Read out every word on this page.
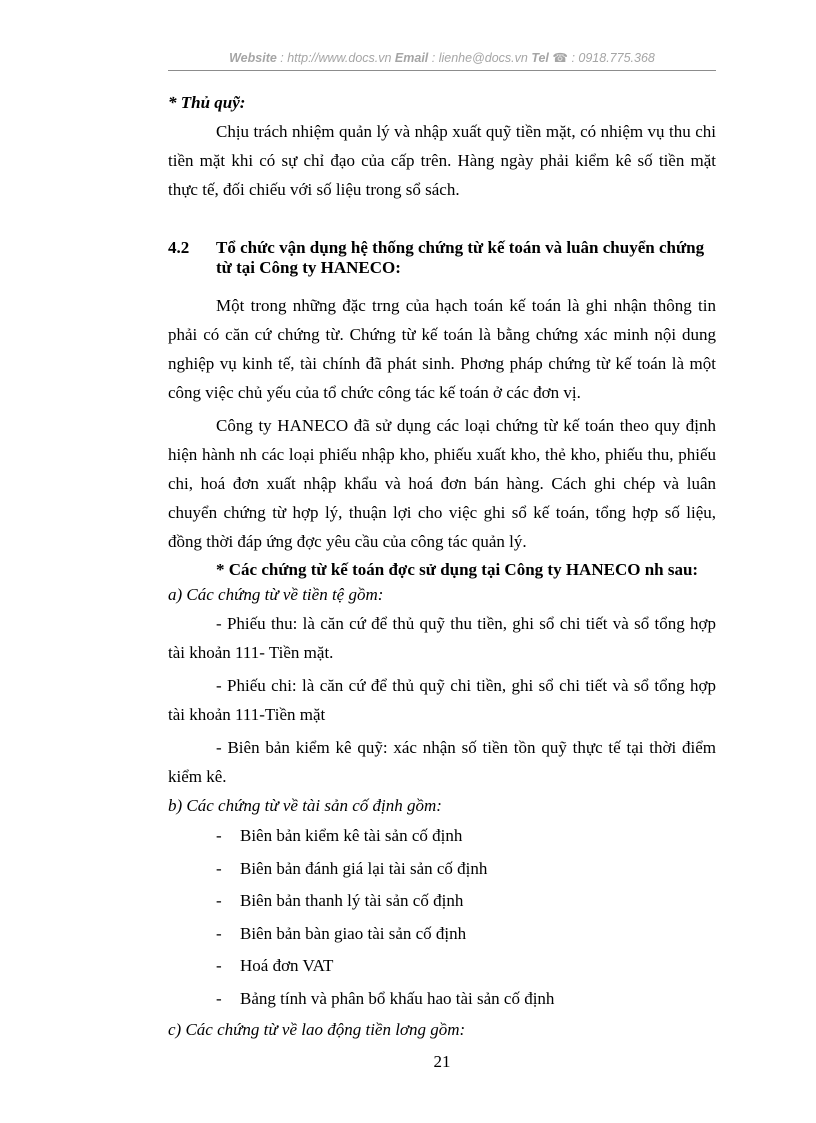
Website : http://www.docs.vn Email : lienhe@docs.vn Tel ☎ : 0918.775.368

* Thủ quỹ:

Chịu trách nhiệm quản lý và nhập xuất quỹ tiền mặt, có nhiệm vụ thu chi tiền mặt khi có sự chỉ đạo của cấp trên. Hàng ngày phải kiểm kê số tiền mặt thực tế, đối chiếu với số liệu trong sổ sách.

4.2	Tổ chức vận dụng hệ thống chứng từ kế toán và luân chuyển chứng từ tại Công ty HANECO:

Một trong những đặc trng của hạch toán kế toán là ghi nhận thông tin phải có căn cứ chứng từ. Chứng từ kế toán là bằng chứng xác minh nội dung nghiệp vụ kinh tế, tài chính đã phát sinh. Phơng pháp chứng từ kế toán là một công việc chủ yếu của tổ chức công tác kế toán ở các đơn vị.

Công ty HANECO đã sử dụng các loại chứng từ kế toán theo quy định hiện hành nh các loại phiếu nhập kho, phiếu xuất kho, thẻ kho, phiếu thu, phiếu chi, hoá đơn xuất nhập khẩu và hoá đơn bán hàng. Cách ghi chép và luân chuyển chứng từ hợp lý, thuận lợi cho việc ghi sổ kế toán, tổng hợp số liệu, đồng thời đáp ứng đợc yêu cầu của công tác quản lý.

* Các chứng từ kế toán đợc sử dụng tại Công ty HANECO nh sau:

a) Các chứng từ về tiền tệ gồm:

- Phiếu thu: là căn cứ để thủ quỹ thu tiền, ghi sổ chi tiết và sổ tổng hợp tài khoản 111- Tiền mặt.

- Phiếu chi: là căn cứ để thủ quỹ chi tiền, ghi sổ chi tiết và sổ tổng hợp tài khoản 111-Tiền mặt

- Biên bản kiểm kê quỹ: xác nhận số tiền tồn quỹ thực tế tại thời điểm kiểm kê.

b) Các chứng từ về tài sản cố định gồm:

-	Biên bản kiểm kê tài sản cố định
-	Biên bản đánh giá lại tài sản cố định
-	Biên bản thanh lý tài sản cố định
-	Biên bản bàn giao tài sản cố định
-	Hoá đơn VAT
-	Bảng tính và phân bổ khấu hao tài sản cố định

c) Các chứng từ về lao động tiền lơng gồm:

21
